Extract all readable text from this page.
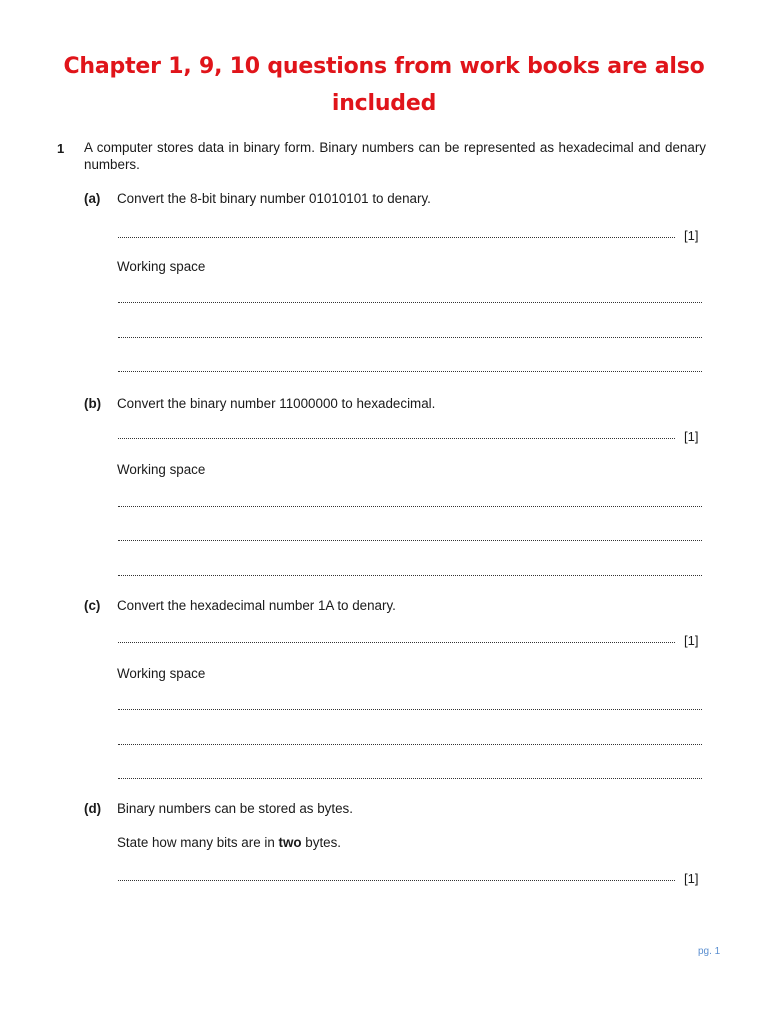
Chapter 1, 9, 10 questions from work books are also
included
1 A computer stores data in binary form. Binary numbers can be represented as hexadecimal and denary numbers.
(a) Convert the 8-bit binary number 01010101 to denary.
[1]
Working space
(b) Convert the binary number 11000000 to hexadecimal.
[1]
Working space
(c) Convert the hexadecimal number 1A to denary.
[1]
Working space
(d) Binary numbers can be stored as bytes.
State how many bits are in two bytes.
[1]
pg. 1
